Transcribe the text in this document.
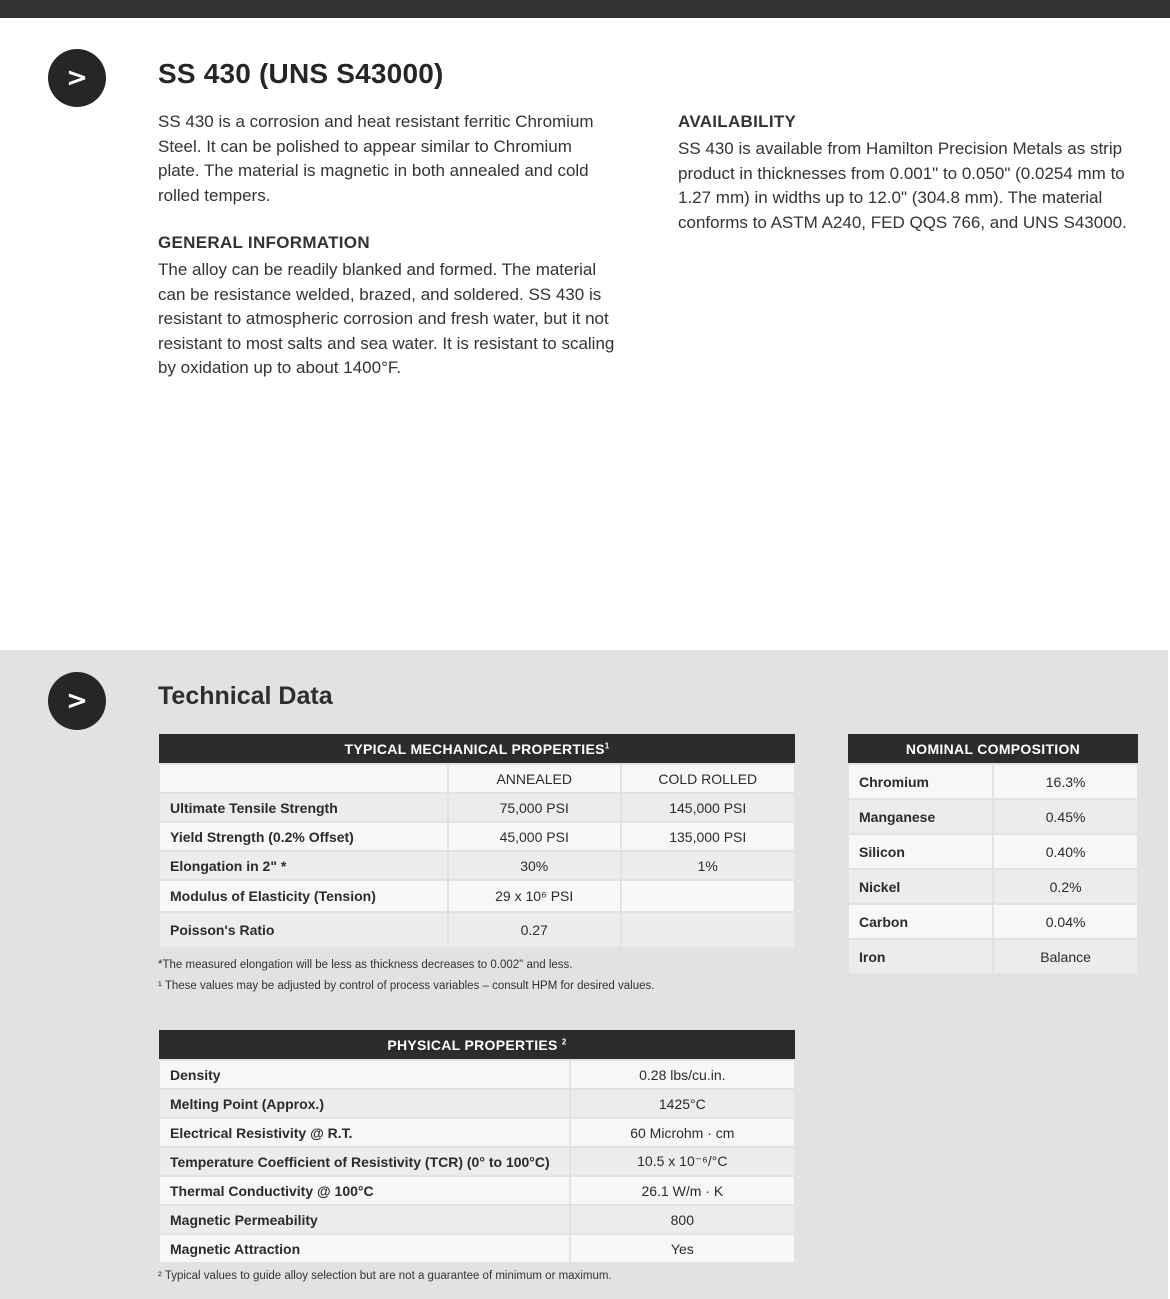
>	SS 430 (UNS S43000)
SS 430 is a corrosion and heat resistant ferritic Chromium Steel. It can be polished to appear similar to Chromium plate. The material is magnetic in both annealed and cold rolled tempers.
GENERAL INFORMATION
The alloy can be readily blanked and formed. The material can be resistance welded, brazed, and soldered. SS 430 is resistant to atmospheric corrosion and fresh water, but it not resistant to most salts and sea water. It is resistant to scaling by oxidation up to about 1400°F.
AVAILABILITY
SS 430 is available from Hamilton Precision Metals as strip product in thicknesses from 0.001" to 0.050" (0.0254 mm to 1.27 mm) in widths up to 12.0" (304.8 mm). The material conforms to ASTM A240, FED QQS 766, and UNS S43000.
>	Technical Data
TYPICAL MECHANICAL PROPERTIES$^1$
	ANNEALED	COLD ROLLED
Ultimate Tensile Strength	75,000 PSI	145,000 PSI
Yield Strength (0.2% Offset)	45,000 PSI	135,000 PSI
Elongation in 2" *	30%	1%
Modulus of Elasticity (Tension)	29 x 10⁶ PSI	
Poisson's Ratio	0.27	
*The measured elongation will be less as thickness decreases to 0.002" and less.
¹ These values may be adjusted by control of process variables – consult HPM for desired values.
NOMINAL COMPOSITION	
Chromium	16.3%
Manganese	0.45%
Silicon	0.40%
Nickel	0.2%
Carbon	0.04%
Iron	Balance
PHYSICAL PROPERTIES $^2$
Density	0.28 lbs/cu.in.
Melting Point (Approx.)	1425°C
Electrical Resistivity @ R.T.	60 Microhm · cm
Temperature Coefficient of Resistivity (TCR) (0° to 100°C)	10.5 x 10⁻⁶/°C
Thermal Conductivity @ 100°C	26.1 W/m · K
Magnetic Permeability	800
Magnetic Attraction	Yes
² Typical values to guide alloy selection but are not a guarantee of minimum or maximum.
